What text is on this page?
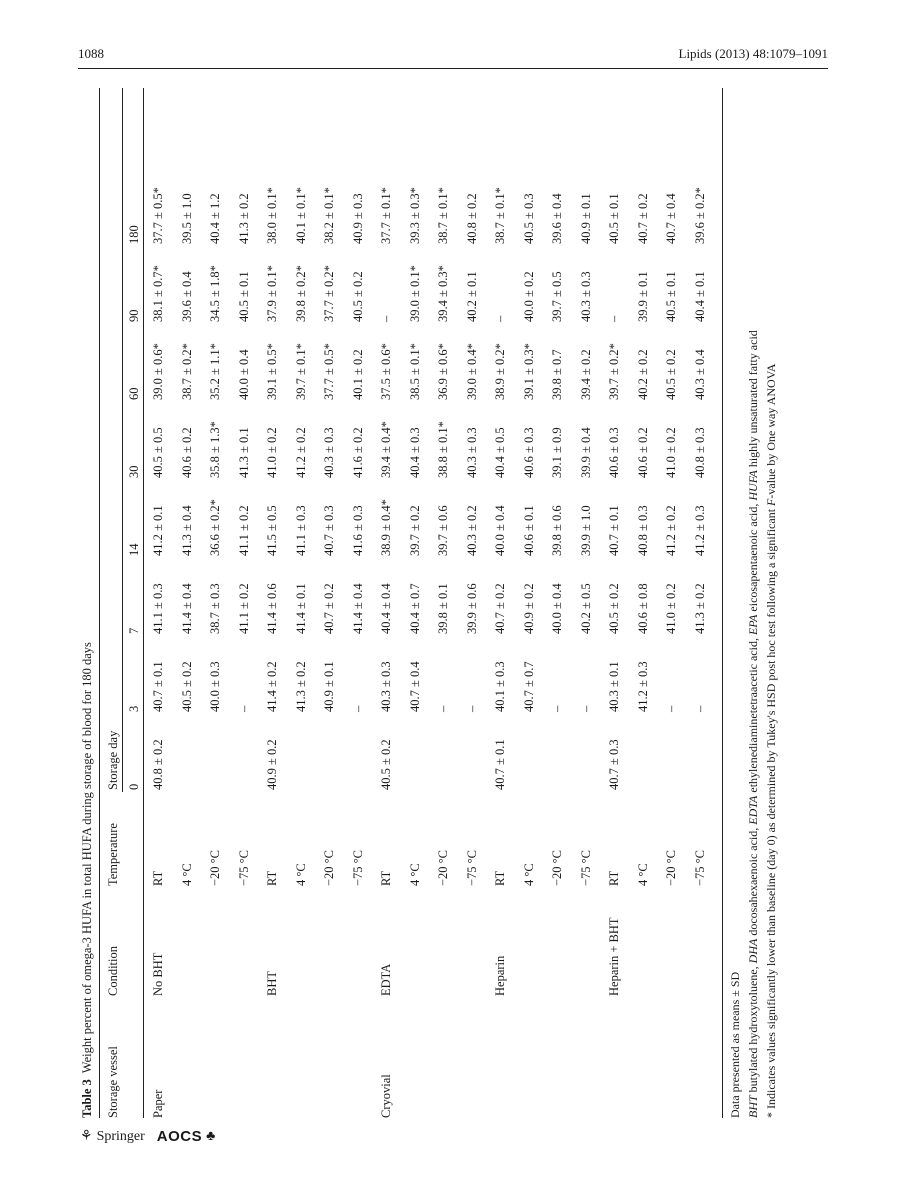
1088	Lipids (2013) 48:1079–1091
Table 3Weight percent of omega-3 HUFA in total HUFA during storage of blood for 180 days
Storage vessel
Condition
Temperature
Storage day
Data presented as means ± SD BHT butylated hydroxytoluene, DHA docosahexaenoic acid, EDTA ethylenediaminetetraacetic acid, EPA eicosapentaenoic acid, HUFA highly unsaturated fatty acid
* Indicates values significantly lower than baseline (day 0) as determined by Tukey's HSD post hoc test following a significant F-value by One way ANOVA
0
3
7
14
30
60
90
180
Paper
No BHT
RT
40.8 ± 0.2
40.7 ± 0.1
41.1 ± 0.3
41.2 ± 0.1
40.5 ± 0.5
39.0 ± 0.6*
38.1 ± 0.7*
37.7 ± 0.5*
4 °C
40.5 ± 0.2
41.4 ± 0.4
41.3 ± 0.4
40.6 ± 0.2
38.7 ± 0.2*
39.6 ± 0.4
39.5 ± 1.0
−20 °C
40.0 ± 0.3
38.7 ± 0.3
36.6 ± 0.2*
35.8 ± 1.3*
35.2 ± 1.1*
34.5 ± 1.8*
40.4 ± 1.2
−75 °C
–
41.1 ± 0.2
41.1 ± 0.2
41.3 ± 0.1
40.0 ± 0.4
40.5 ± 0.1
41.3 ± 0.2
BHT
RT
40.9 ± 0.2
41.4 ± 0.2
41.4 ± 0.6
41.5 ± 0.5
41.0 ± 0.2
39.1 ± 0.5*
37.9 ± 0.1*
38.0 ± 0.1*
4 °C
41.3 ± 0.2
41.4 ± 0.1
41.1 ± 0.3
41.2 ± 0.2
39.7 ± 0.1*
39.8 ± 0.2*
40.1 ± 0.1*
−20 °C
40.9 ± 0.1
40.7 ± 0.2
40.7 ± 0.3
40.3 ± 0.3
37.7 ± 0.5*
37.7 ± 0.2*
38.2 ± 0.1*
−75 °C
–
41.4 ± 0.4
41.6 ± 0.3
41.6 ± 0.2
40.1 ± 0.2
40.5 ± 0.2
40.9 ± 0.3
Cryovial
EDTA
RT
40.5 ± 0.2
40.3 ± 0.3
40.4 ± 0.4
38.9 ± 0.4*
39.4 ± 0.4*
37.5 ± 0.6*
–
37.7 ± 0.1*
4 °C
40.7 ± 0.4
40.4 ± 0.7
39.7 ± 0.2
40.4 ± 0.3
38.5 ± 0.1*
39.0 ± 0.1*
39.3 ± 0.3*
−20 °C
–
39.8 ± 0.1
39.7 ± 0.6
38.8 ± 0.1*
36.9 ± 0.6*
39.4 ± 0.3*
38.7 ± 0.1*
−75 °C
–
39.9 ± 0.6
40.3 ± 0.2
40.3 ± 0.3
39.0 ± 0.4*
40.2 ± 0.1
40.8 ± 0.2
Heparin
RT
40.7 ± 0.1
40.1 ± 0.3
40.7 ± 0.2
40.0 ± 0.4
40.4 ± 0.5
38.9 ± 0.2*
–
38.7 ± 0.1*
4 °C
40.7 ± 0.7
40.9 ± 0.2
40.6 ± 0.1
40.6 ± 0.3
39.1 ± 0.3*
40.0 ± 0.2
40.5 ± 0.3
−20 °C
–
40.0 ± 0.4
39.8 ± 0.6
39.1 ± 0.9
39.8 ± 0.7
39.7 ± 0.5
39.6 ± 0.4
−75 °C
–
40.2 ± 0.5
39.9 ± 1.0
39.9 ± 0.4
39.4 ± 0.2
40.3 ± 0.3
40.9 ± 0.1
Heparin + BHT
RT
40.7 ± 0.3
40.3 ± 0.1
40.5 ± 0.2
40.7 ± 0.1
40.6 ± 0.3
39.7 ± 0.2*
–
40.5 ± 0.1
4 °C
41.2 ± 0.3
40.6 ± 0.8
40.8 ± 0.3
40.6 ± 0.2
40.2 ± 0.2
39.9 ± 0.1
40.7 ± 0.2
−20 °C
–
41.0 ± 0.2
41.2 ± 0.2
41.0 ± 0.2
40.5 ± 0.2
40.5 ± 0.1
40.7 ± 0.4
−75 °C
–
41.3 ± 0.2
41.2 ± 0.3
40.8 ± 0.3
40.3 ± 0.4
40.4 ± 0.1
39.6 ± 0.2*
⚘ Springer AOCS ♣
